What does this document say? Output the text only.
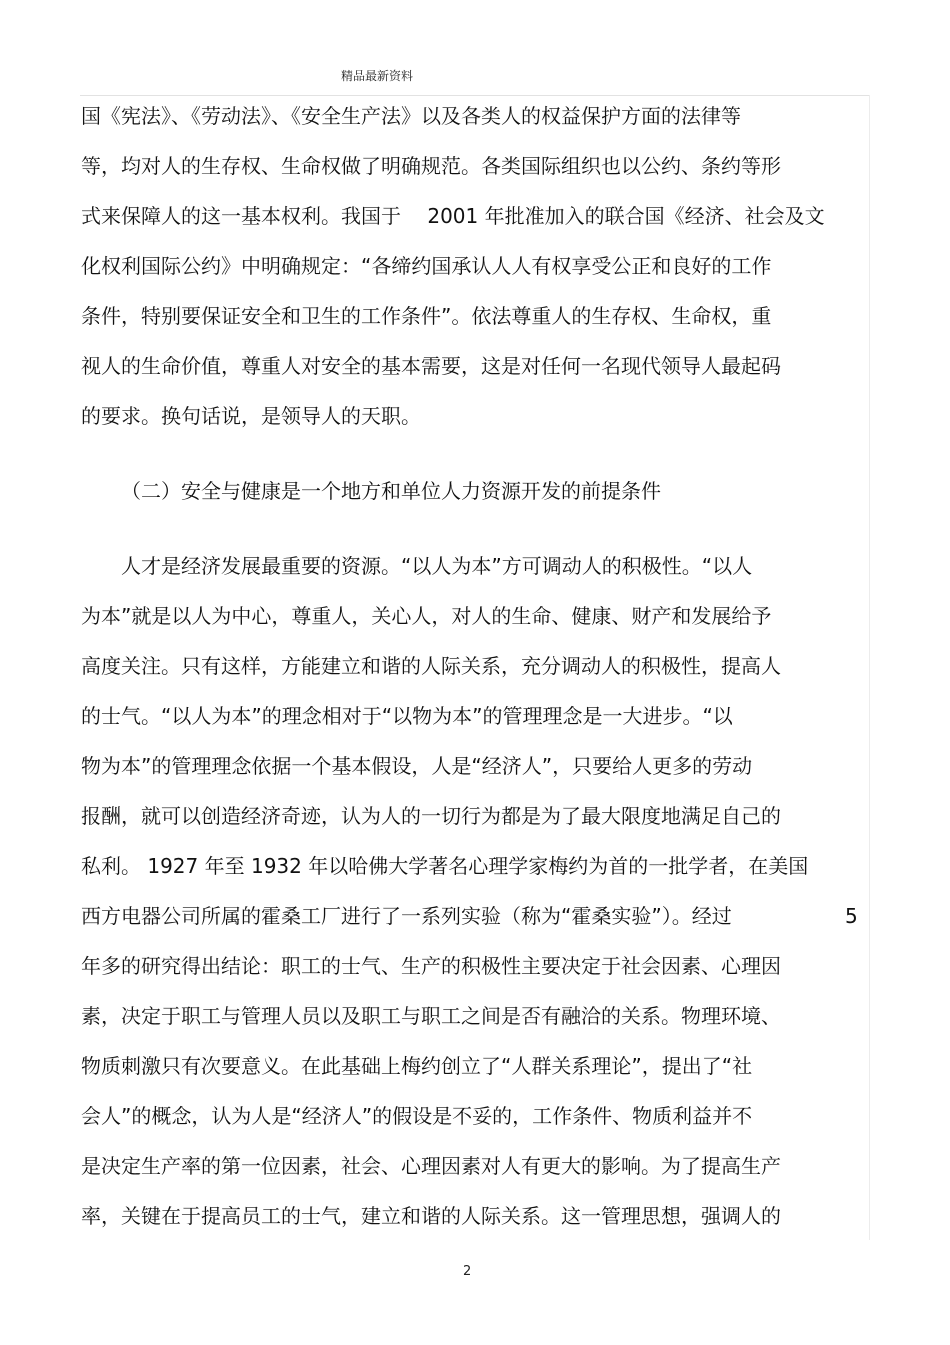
精品最新资料
国《宪法》、《劳动法》、《安全生产法》以及各类人的权益保护方面的法律等
等，均对人的生存权、生命权做了明确规范。各类国际组织也以公约、条约等形
式来保障人的这一基本权利。我国于　 2001 年批准加入的联合国《经济、社会及文
化权利国际公约》中明确规定：“各缔约国承认人人有权享受公正和良好的工作
条件，特别要保证安全和卫生的工作条件”。依法尊重人的生存权、生命权，重
视人的生命价值，尊重人对安全的基本需要，这是对任何一名现代领导人最起码
的要求。换句话说，是领导人的天职。
（二）安全与健康是一个地方和单位人力资源开发的前提条件
人才是经济发展最重要的资源。“以人为本”方可调动人的积极性。“以人
为本”就是以人为中心，尊重人，关心人，对人的生命、健康、财产和发展给予
高度关注。只有这样，方能建立和谐的人际关系，充分调动人的积极性，提高人
的士气。“以人为本”的理念相对于“以物为本”的管理理念是一大进步。“以
物为本”的管理理念依据一个基本假设，人是“经济人”，只要给人更多的劳动
报酬，就可以创造经济奇迹，认为人的一切行为都是为了最大限度地满足自己的
私利。 1927 年至 1932 年以哈佛大学著名心理学家梅约为首的一批学者，在美国
西方电器公司所属的霍桑工厂进行了一系列实验（称为“霍桑实验”）。经过
年多的研究得出结论：职工的士气、生产的积极性主要决定于社会因素、心理因
素，决定于职工与管理人员以及职工与职工之间是否有融洽的关系。物理环境、
物质刺激只有次要意义。在此基础上梅约创立了“人群关系理论”，提出了“社
会人”的概念，认为人是“经济人”的假设是不妥的，工作条件、物质利益并不
是决定生产率的第一位因素，社会、心理因素对人有更大的影响。为了提高生产
率，关键在于提高员工的士气，建立和谐的人际关系。这一管理思想，强调人的
5
2
